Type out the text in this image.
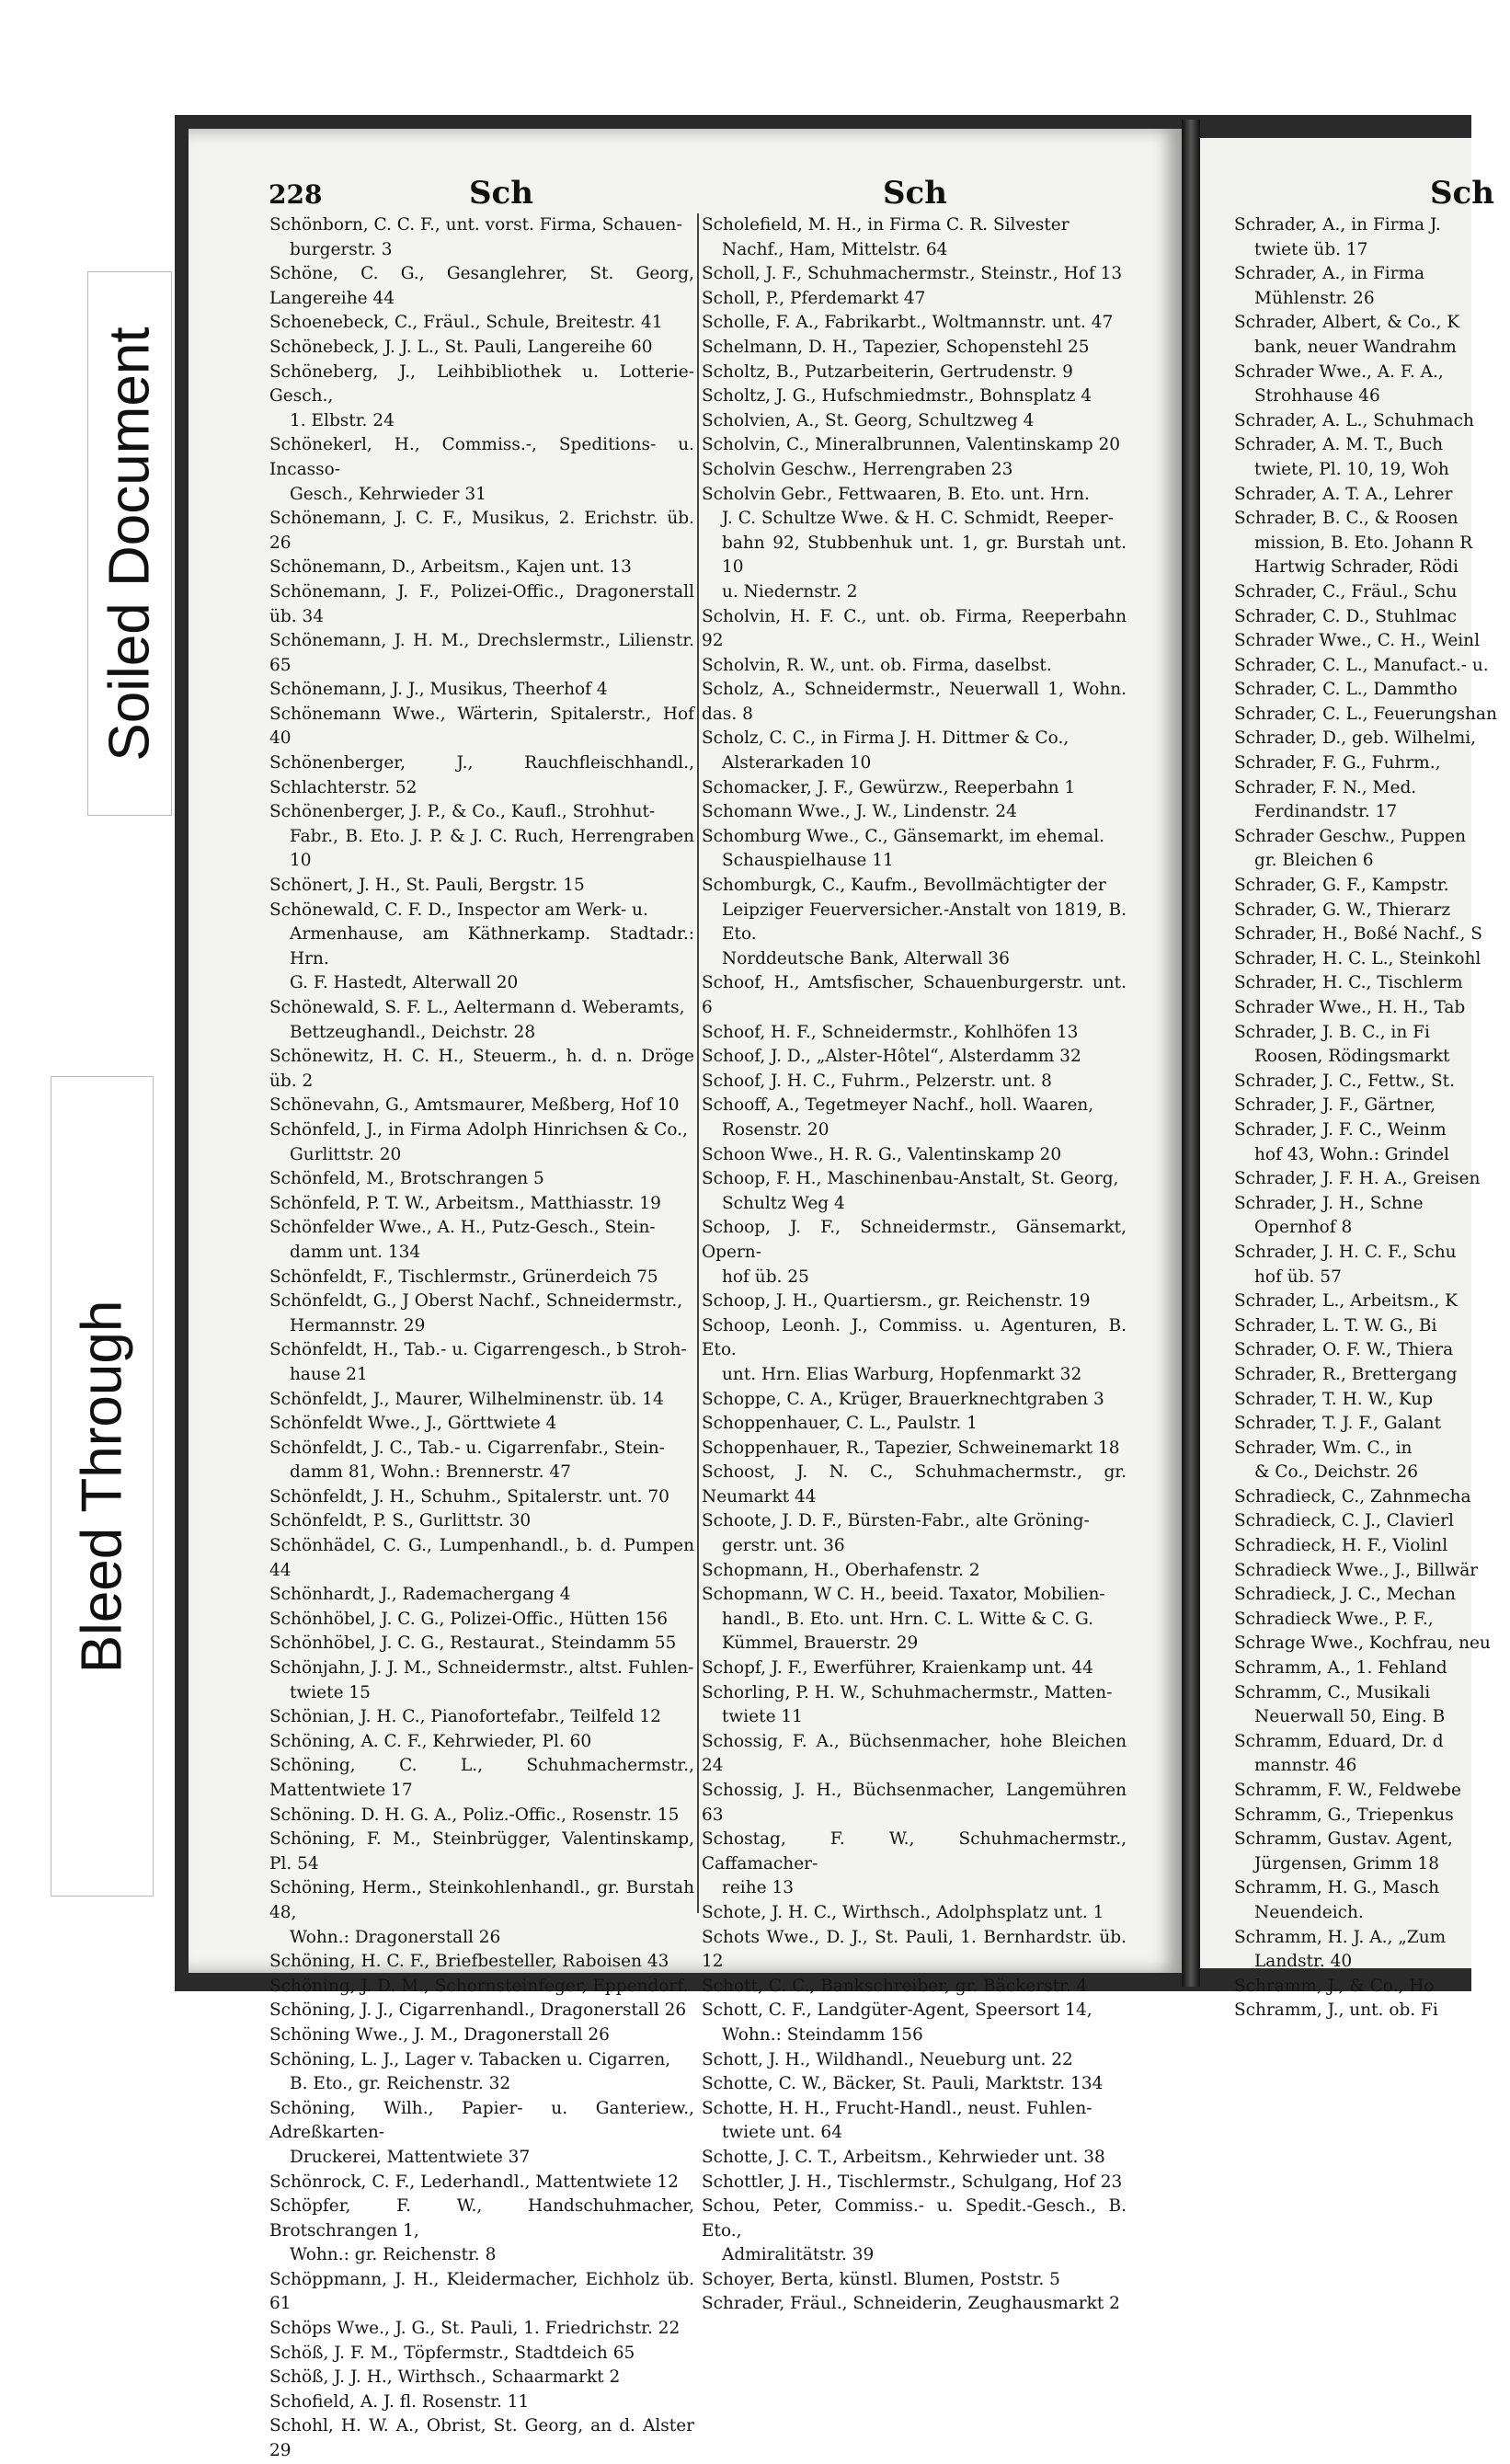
Soiled Document
Bleed Through
228	Sch	Sch	Sch

Schönborn, C. C. F., unt. vorst. Firma, Schauen-
burgerstr. 3

Schöne, C. G., Gesanglehrer, St. Georg, Langereihe 44

Schoenebeck, C., Fräul., Schule, Breitestr. 41

Schönebeck, J. J. L., St. Pauli, Langereihe 60

Schöneberg, J., Leihbibliothek u. Lotterie-Gesch.,
1. Elbstr. 24

Schönekerl, H., Commiss.-, Speditions- u. Incasso-
Gesch., Kehrwieder 31

Schönemann, J. C. F., Musikus, 2. Erichstr. üb. 26

Schönemann, D., Arbeitsm., Kajen unt. 13

Schönemann, J. F., Polizei-Offic., Dragonerstall üb. 34

Schönemann, J. H. M., Drechslermstr., Lilienstr. 65

Schönemann, J. J., Musikus, Theerhof 4

Schönemann Wwe., Wärterin, Spitalerstr., Hof 40

Schönenberger, J., Rauchfleischhandl., Schlachterstr. 52

Schönenberger, J. P., & Co., Kaufl., Strohhut-
Fabr., B. Eto. J. P. & J. C. Ruch, Herrengraben 10

Schönert, J. H., St. Pauli, Bergstr. 15

Schönewald, C. F. D., Inspector am Werk- u.
Armenhause, am Käthnerkamp. Stadtadr.: Hrn.
G. F. Hastedt, Alterwall 20

Schönewald, S. F. L., Aeltermann d. Weberamts,
Bettzeughandl., Deichstr. 28

Schönewitz, H. C. H., Steuerm., h. d. n. Dröge üb. 2

Schönevahn, G., Amtsmaurer, Meßberg, Hof 10

Schönfeld, J., in Firma Adolph Hinrichsen & Co.,
Gurlittstr. 20

Schönfeld, M., Brotschrangen 5

Schönfeld, P. T. W., Arbeitsm., Matthiasstr. 19

Schönfelder Wwe., A. H., Putz-Gesch., Stein-
damm unt. 134

Schönfeldt, F., Tischlermstr., Grünerdeich 75

Schönfeldt, G., J Oberst Nachf., Schneidermstr.,
Hermannstr. 29

Schönfeldt, H., Tab.- u. Cigarrengesch., b Stroh-
hause 21

Schönfeldt, J., Maurer, Wilhelminenstr. üb. 14

Schönfeldt Wwe., J., Görttwiete 4

Schönfeldt, J. C., Tab.- u. Cigarrenfabr., Stein-
damm 81, Wohn.: Brennerstr. 47

Schönfeldt, J. H., Schuhm., Spitalerstr. unt. 70

Schönfeldt, P. S., Gurlittstr. 30

Schönhädel, C. G., Lumpenhandl., b. d. Pumpen 44

Schönhardt, J., Rademachergang 4

Schönhöbel, J. C. G., Polizei-Offic., Hütten 156

Schönhöbel, J. C. G., Restaurat., Steindamm 55

Schönjahn, J. J. M., Schneidermstr., altst. Fuhlen-
twiete 15

Schönian, J. H. C., Pianofortefabr., Teilfeld 12

Schöning, A. C. F., Kehrwieder, Pl. 60

Schöning, C. L., Schuhmachermstr., Mattentwiete 17

Schöning. D. H. G. A., Poliz.-Offic., Rosenstr. 15

Schöning, F. M., Steinbrügger, Valentinskamp, Pl. 54

Schöning, Herm., Steinkohlenhandl., gr. Burstah 48,
Wohn.: Dragonerstall 26

Schöning, H. C. F., Briefbesteller, Raboisen 43

Schöning, J. D. M., Schornsteinfeger, Eppendorf.

Schöning, J. J., Cigarrenhandl., Dragonerstall 26

Schöning Wwe., J. M., Dragonerstall 26

Schöning, L. J., Lager v. Tabacken u. Cigarren,
B. Eto., gr. Reichenstr. 32

Schöning, Wilh., Papier- u. Ganteriew., Adreßkarten-
Druckerei, Mattentwiete 37

Schönrock, C. F., Lederhandl., Mattentwiete 12

Schöpfer, F. W., Handschuhmacher, Brotschrangen 1,
Wohn.: gr. Reichenstr. 8

Schöppmann, J. H., Kleidermacher, Eichholz üb. 61

Schöps Wwe., J. G., St. Pauli, 1. Friedrichstr. 22

Schöß, J. F. M., Töpfermstr., Stadtdeich 65

Schöß, J. J. H., Wirthsch., Schaarmarkt 2

Schofield, A. J. fl. Rosenstr. 11

Schohl, H. W. A., Obrist, St. Georg, an d. Alster 29

Scholefield, M. H., in Firma C. R. Silvester
Nachf., Ham, Mittelstr. 64

Scholl, J. F., Schuhmachermstr., Steinstr., Hof 13

Scholl, P., Pferdemarkt 47

Scholle, F. A., Fabrikarbt., Woltmannstr. unt. 47

Schelmann, D. H., Tapezier, Schopenstehl 25

Scholtz, B., Putzarbeiterin, Gertrudenstr. 9

Scholtz, J. G., Hufschmiedmstr., Bohnsplatz 4

Scholvien, A., St. Georg, Schultzweg 4

Scholvin, C., Mineralbrunnen, Valentinskamp 20

Scholvin Geschw., Herrengraben 23

Scholvin Gebr., Fettwaaren, B. Eto. unt. Hrn.
J. C. Schultze Wwe. & H. C. Schmidt, Reeper-
bahn 92, Stubbenhuk unt. 1, gr. Burstah unt. 10
u. Niedernstr. 2

Scholvin, H. F. C., unt. ob. Firma, Reeperbahn 92

Scholvin, R. W., unt. ob. Firma, daselbst.

Scholz, A., Schneidermstr., Neuerwall 1, Wohn. das. 8

Scholz, C. C., in Firma J. H. Dittmer & Co.,
Alsterarkaden 10

Schomacker, J. F., Gewürzw., Reeperbahn 1

Schomann Wwe., J. W., Lindenstr. 24

Schomburg Wwe., C., Gänsemarkt, im ehemal.
Schauspielhause 11

Schomburgk, C., Kaufm., Bevollmächtigter der
Leipziger Feuerversicher.-Anstalt von 1819, B. Eto.
Norddeutsche Bank, Alterwall 36

Schoof, H., Amtsfischer, Schauenburgerstr. unt. 6

Schoof, H. F., Schneidermstr., Kohlhöfen 13

Schoof, J. D., „Alster-Hôtel“, Alsterdamm 32

Schoof, J. H. C., Fuhrm., Pelzerstr. unt. 8

Schooff, A., Tegetmeyer Nachf., holl. Waaren,
Rosenstr. 20

Schoon Wwe., H. R. G., Valentinskamp 20

Schoop, F. H., Maschinenbau-Anstalt, St. Georg,
Schultz Weg 4

Schoop, J. F., Schneidermstr., Gänsemarkt, Opern-
hof üb. 25

Schoop, J. H., Quartiersm., gr. Reichenstr. 19

Schoop, Leonh. J., Commiss. u. Agenturen, B. Eto.
unt. Hrn. Elias Warburg, Hopfenmarkt 32

Schoppe, C. A., Krüger, Brauerknechtgraben 3

Schoppenhauer, C. L., Paulstr. 1

Schoppenhauer, R., Tapezier, Schweinemarkt 18

Schoost, J. N. C., Schuhmachermstr., gr. Neumarkt 44

Schoote, J. D. F., Bürsten-Fabr., alte Gröning-
gerstr. unt. 36

Schopmann, H., Oberhafenstr. 2

Schopmann, W C. H., beeid. Taxator, Mobilien-
handl., B. Eto. unt. Hrn. C. L. Witte & C. G.
Kümmel, Brauerstr. 29

Schopf, J. F., Ewerführer, Kraienkamp unt. 44

Schorling, P. H. W., Schuhmachermstr., Matten-
twiete 11

Schossig, F. A., Büchsenmacher, hohe Bleichen 24

Schossig, J. H., Büchsenmacher, Langemühren 63

Schostag, F. W., Schuhmachermstr., Caffamacher-
reihe 13

Schote, J. H. C., Wirthsch., Adolphsplatz unt. 1

Schots Wwe., D. J., St. Pauli, 1. Bernhardstr. üb. 12

Schott, C. C., Bankschreiber, gr. Bäckerstr. 4

Schott, C. F., Landgüter-Agent, Speersort 14,
Wohn.: Steindamm 156

Schott, J. H., Wildhandl., Neueburg unt. 22

Schotte, C. W., Bäcker, St. Pauli, Marktstr. 134

Schotte, H. H., Frucht-Handl., neust. Fuhlen-
twiete unt. 64

Schotte, J. C. T., Arbeitsm., Kehrwieder unt. 38

Schottler, J. H., Tischlermstr., Schulgang, Hof 23

Schou, Peter, Commiss.- u. Spedit.-Gesch., B. Eto.,
Admiralitätstr. 39

Schoyer, Berta, künstl. Blumen, Poststr. 5

Schrader, Fräul., Schneiderin, Zeughausmarkt 2

Schrader, A., in Firma J.
twiete üb. 17

Schrader, A., in Firma
Mühlenstr. 26

Schrader, Albert, & Co., K
bank, neuer Wandrahm

Schrader Wwe., A. F. A.,
Strohhause 46

Schrader, A. L., Schuhmach

Schrader, A. M. T., Buch
twiete, Pl. 10, 19, Woh

Schrader, A. T. A., Lehrer

Schrader, B. C., & Roosen
mission, B. Eto. Johann R
Hartwig Schrader, Rödi

Schrader, C., Fräul., Schu

Schrader, C. D., Stuhlmac

Schrader Wwe., C. H., Weinl

Schrader, C. L., Manufact.- u.

Schrader, C. L., Dammtho

Schrader, C. L., Feuerungshan

Schrader, D., geb. Wilhelmi,

Schrader, F. G., Fuhrm.,

Schrader, F. N., Med.
Ferdinandstr. 17

Schrader Geschw., Puppen
gr. Bleichen 6

Schrader, G. F., Kampstr.

Schrader, G. W., Thierarz

Schrader, H., Boßé Nachf., S

Schrader, H. C. L., Steinkohl

Schrader, H. C., Tischlerm

Schrader Wwe., H. H., Tab

Schrader, J. B. C., in Fi
Roosen, Rödingsmarkt

Schrader, J. C., Fettw., St.

Schrader, J. F., Gärtner,

Schrader, J. F. C., Weinm
hof 43, Wohn.: Grindel

Schrader, J. F. H. A., Greisen

Schrader, J. H., Schne
Opernhof 8

Schrader, J. H. C. F., Schu
hof üb. 57

Schrader, L., Arbeitsm., K

Schrader, L. T. W. G., Bi

Schrader, O. F. W., Thiera

Schrader, R., Brettergang

Schrader, T. H. W., Kup

Schrader, T. J. F., Galant

Schrader, Wm. C., in
& Co., Deichstr. 26

Schradieck, C., Zahnmecha

Schradieck, C. J., Clavierl

Schradieck, H. F., Violinl

Schradieck Wwe., J., Billwär

Schradieck, J. C., Mechan

Schradieck Wwe., P. F.,

Schrage Wwe., Kochfrau, neu

Schramm, A., 1. Fehland

Schramm, C., Musikali
Neuerwall 50, Eing. B

Schramm, Eduard, Dr. d
mannstr. 46

Schramm, F. W., Feldwebe

Schramm, G., Triepenkus

Schramm, Gustav. Agent,
Jürgensen, Grimm 18

Schramm, H. G., Masch
Neuendeich.

Schramm, H. J. A., „Zum
Landstr. 40

Schramm, J., & Co., Ho

Schramm, J., unt. ob. Fi
